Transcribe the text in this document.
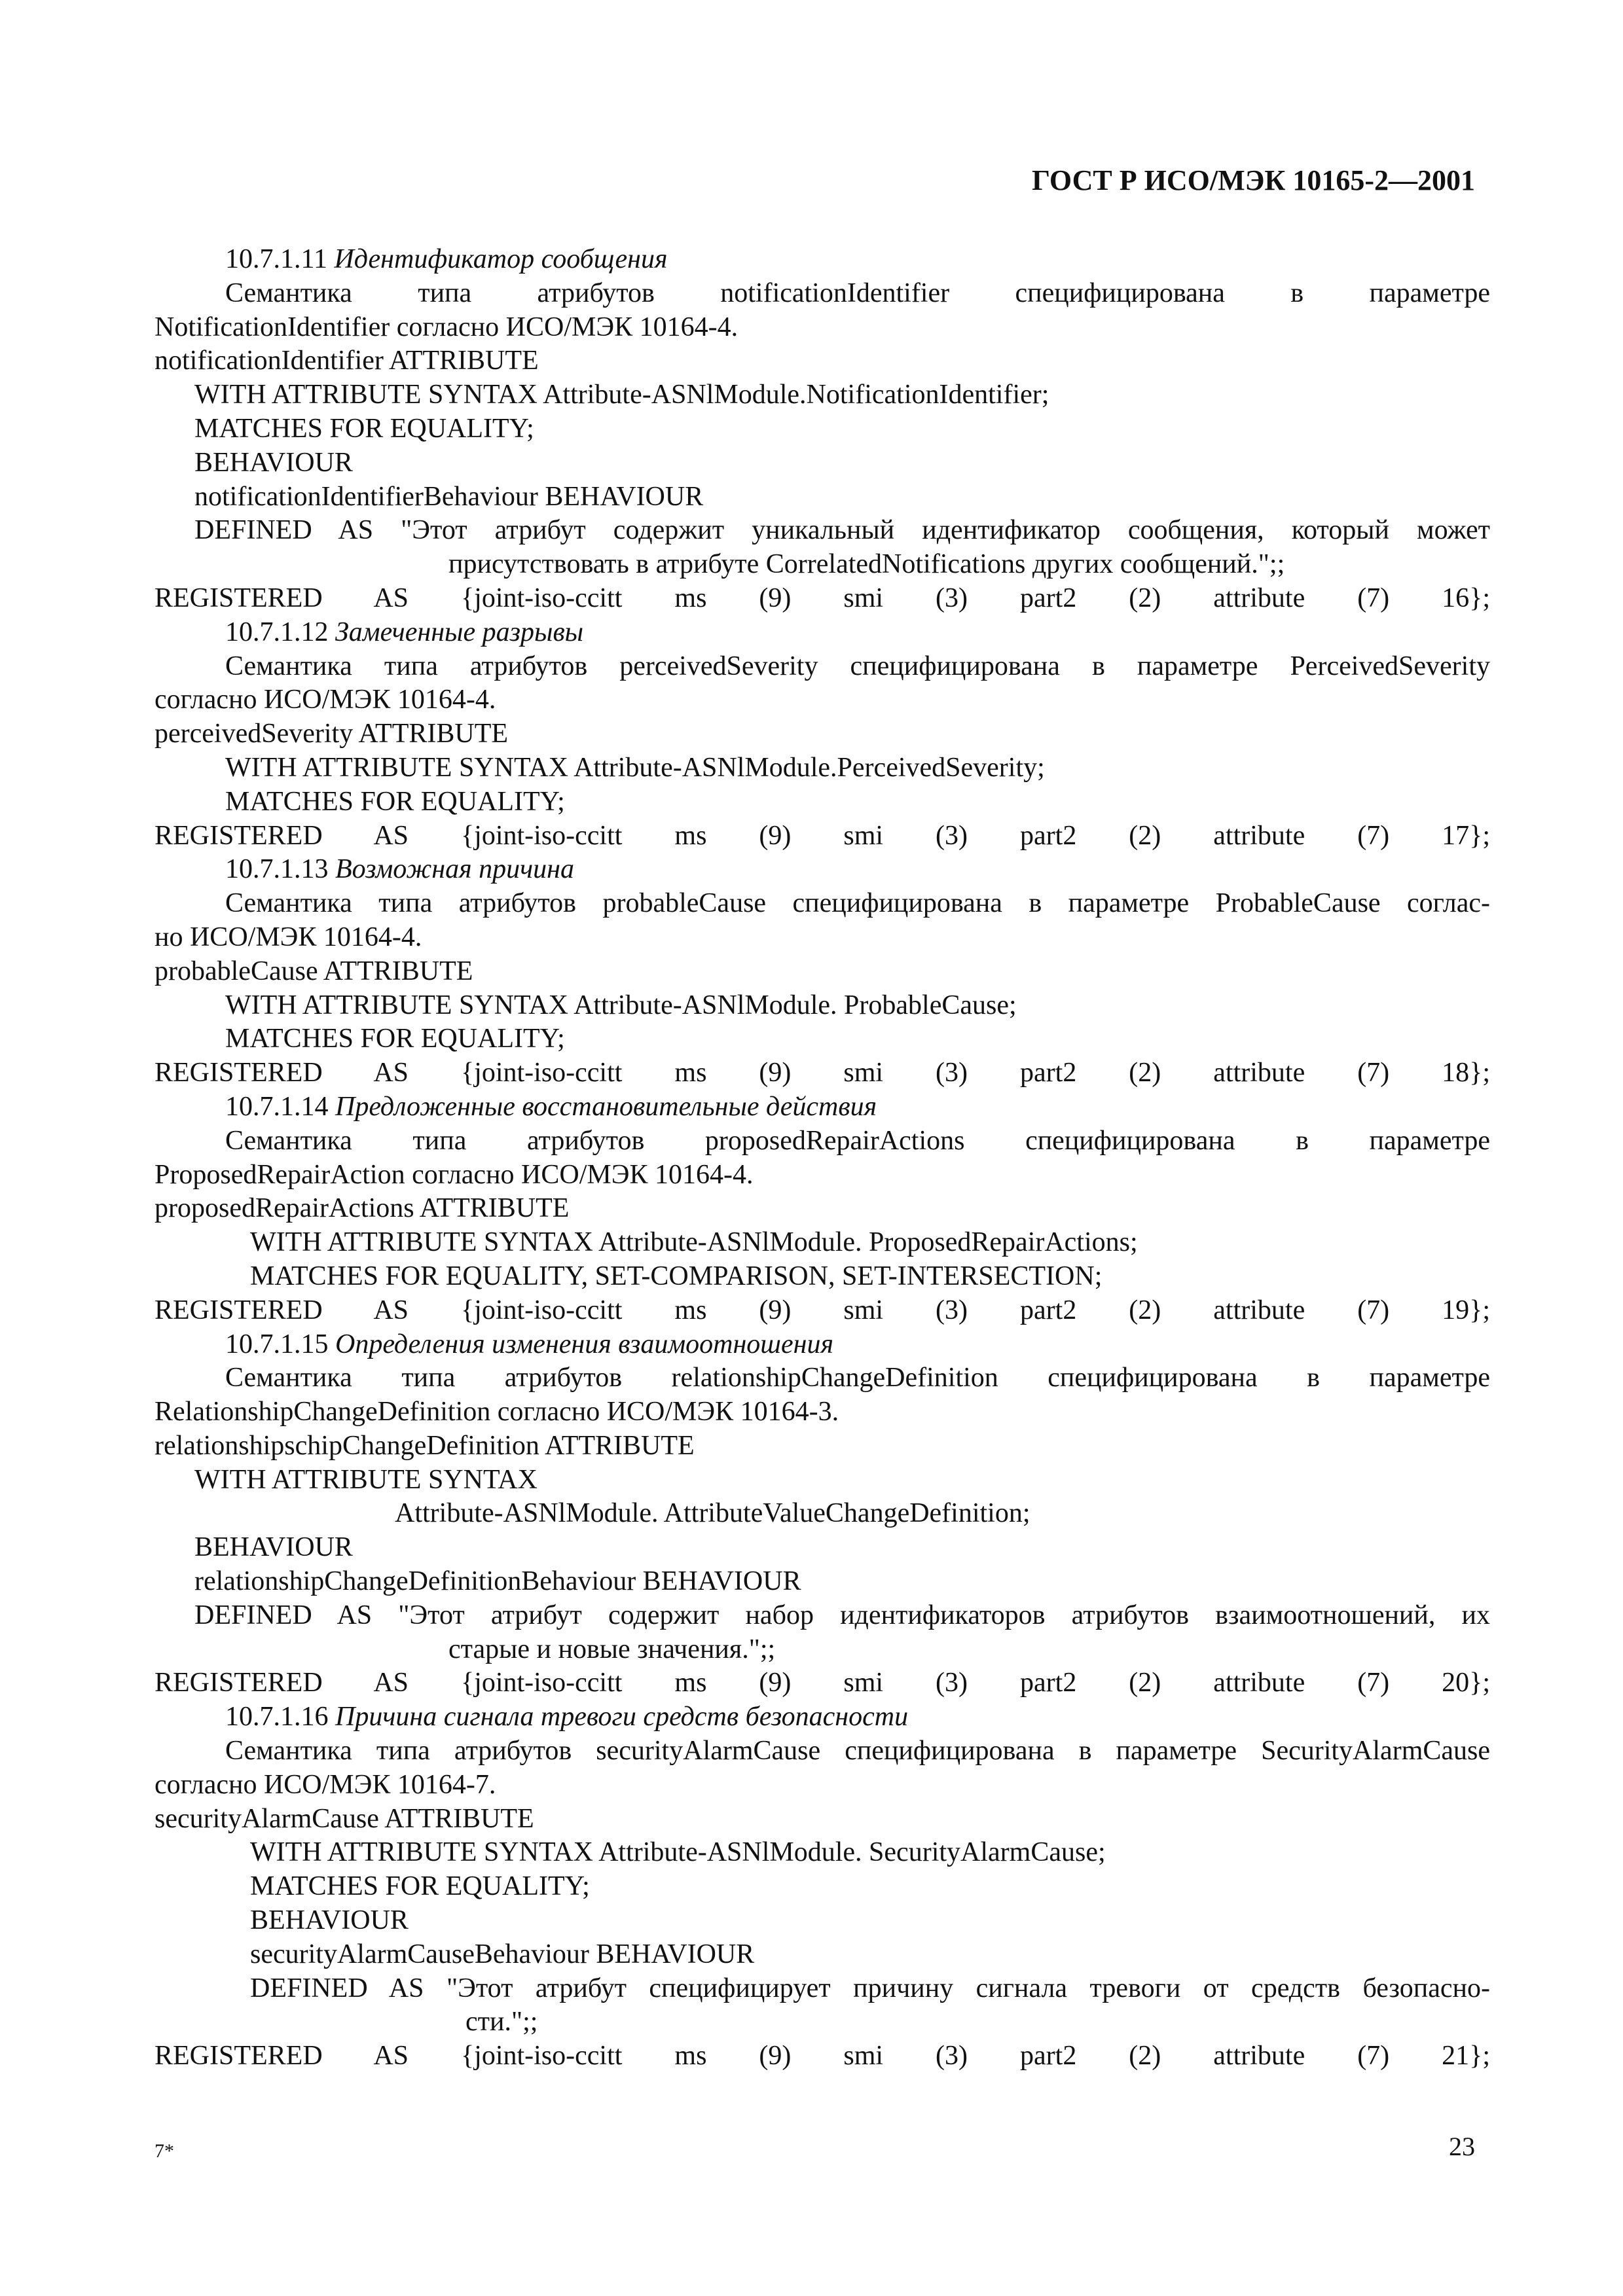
ГОСТ Р ИСО/МЭК 10165-2—2001
10.7.1.11 Идентификатор сообщения
Семантика типа атрибутов notificationIdentifier специфицирована в параметре
NotificationIdentifier согласно ИСО/МЭК 10164-4.
notificationIdentifier ATTRIBUTE
WITH ATTRIBUTE SYNTAX Attribute-ASNlModule.NotificationIdentifier;
MATCHES FOR EQUALITY;
BEHAVIOUR
notificationIdentifierBehaviour BEHAVIOUR
DEFINED AS "Этот атрибут содержит уникальный идентификатор сообщения, который может
присутствовать в атрибуте CorrelatedNotifications других сообщений.";;
REGISTERED AS {joint-iso-ccitt ms (9) smi (3) part2 (2) attribute (7) 16};
10.7.1.12 Замеченные разрывы
Семантика типа атрибутов perceivedSeverity специфицирована в параметре PerceivedSeverity
согласно ИСО/МЭК 10164-4.
perceivedSeverity ATTRIBUTE
WITH ATTRIBUTE SYNTAX Attribute-ASNlModule.PerceivedSeverity;
MATCHES FOR EQUALITY;
REGISTERED AS {joint-iso-ccitt ms (9) smi (3) part2 (2) attribute (7) 17};
10.7.1.13 Возможная причина
Семантика типа атрибутов probableCause специфицирована в параметре ProbableCause соглас-
но ИСО/МЭК 10164-4.
probableCause ATTRIBUTE
WITH ATTRIBUTE SYNTAX Attribute-ASNlModule. ProbableCause;
MATCHES FOR EQUALITY;
REGISTERED AS {joint-iso-ccitt ms (9) smi (3) part2 (2) attribute (7) 18};
10.7.1.14 Предложенные восстановительные действия
Семантика типа атрибутов proposedRepairActions специфицирована в параметре
ProposedRepairAction согласно ИСО/МЭК 10164-4.
proposedRepairActions ATTRIBUTE
WITH ATTRIBUTE SYNTAX Attribute-ASNlModule. ProposedRepairActions;
MATCHES FOR EQUALITY, SET-COMPARISON, SET-INTERSECTION;
REGISTERED AS {joint-iso-ccitt ms (9) smi (3) part2 (2) attribute (7) 19};
10.7.1.15 Определения изменения взаимоотношения
Семантика типа атрибутов relationshipChangeDefinition специфицирована в параметре
RelationshipChangeDefinition согласно ИСО/МЭК 10164-3.
relationshipschipChangeDefinition ATTRIBUTE
WITH ATTRIBUTE SYNTAX
Attribute-ASNlModule. AttributeValueChangeDefinition;
BEHAVIOUR
relationshipChangeDefinitionBehaviour BEHAVIOUR
DEFINED AS "Этот атрибут содержит набор идентификаторов атрибутов взаимоотношений, их
старые и новые значения.";;
REGISTERED AS {joint-iso-ccitt ms (9) smi (3) part2 (2) attribute (7) 20};
10.7.1.16 Причина сигнала тревоги средств безопасности
Семантика типа атрибутов securityAlarmCause специфицирована в параметре SecurityAlarmCause
согласно ИСО/МЭК 10164-7.
securityAlarmCause ATTRIBUTE
WITH ATTRIBUTE SYNTAX Attribute-ASNlModule. SecurityAlarmCause;
MATCHES FOR EQUALITY;
BEHAVIOUR
securityAlarmCauseBehaviour BEHAVIOUR
DEFINED AS "Этот атрибут специфицирует причину сигнала тревоги от средств безопасно-
сти.";;
REGISTERED AS {joint-iso-ccitt ms (9) smi (3) part2 (2) attribute (7) 21};
7*	23
